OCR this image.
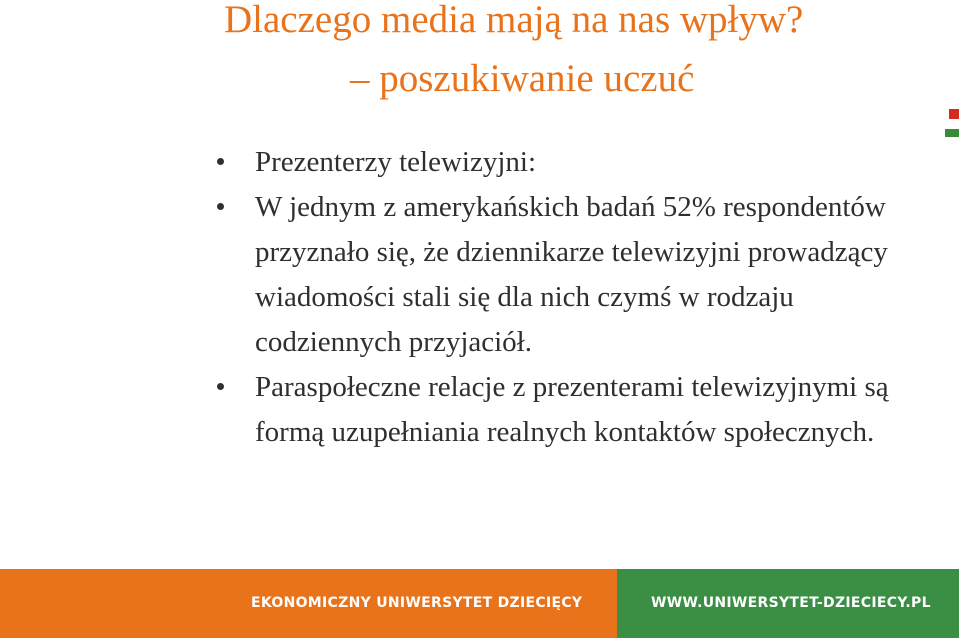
Dlaczego media mają na nas wpływ?
– poszukiwanie uczuć
Prezenterzy telewizyjni:
W jednym z amerykańskich badań 52% respondentów przyznało się, że dziennikarze telewizyjni prowadzący wiadomości stali się dla nich czymś w rodzaju codziennych przyjaciół.
Paraspołeczne relacje z prezenterami telewizyjnymi są formą uzupełniania realnych kontaktów społecznych.
EKONOMICZNY UNIWERSYTET DZIECIĘCY	WWW.UNIWERSYTET-DZIECIECY.PL
